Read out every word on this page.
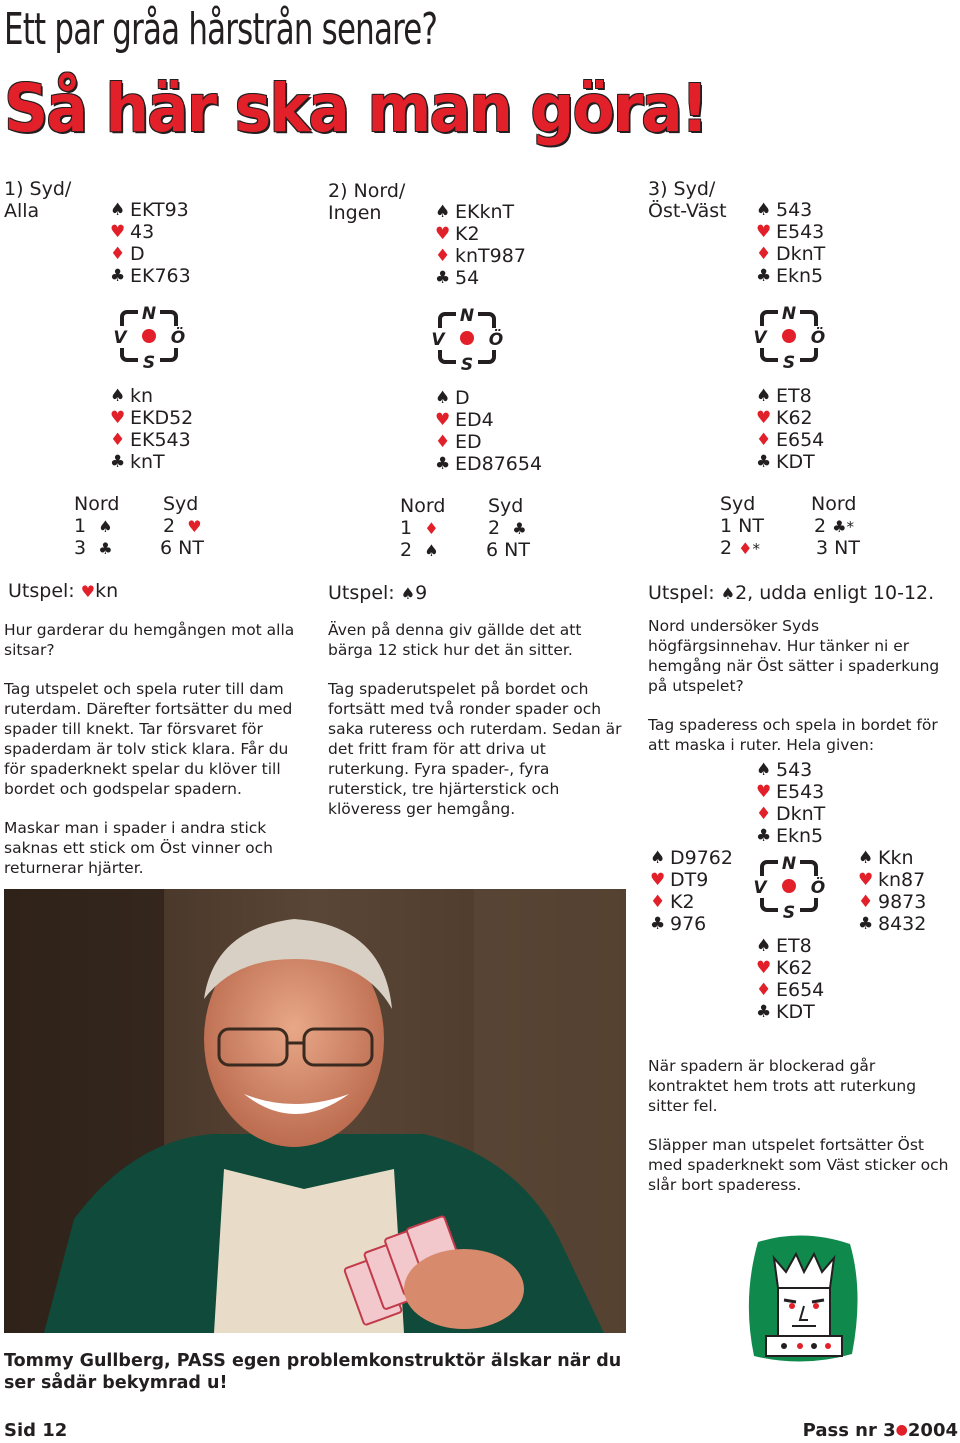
Ett par gråa hårstrån senare?
Så här ska man göra!
1) Syd/
Alla	♠ EKT93
♥ 43
♦ D
♣ EK763
N
S
V	Ö
♠ kn
♥ EKD52
♦ EK543
♣ knT
Nord Syd
1 ♠	2 ♥
3 ♣ 6 NT
Utspel: ♥kn

Hur garderar du hemgången mot alla sitsar?

Tag utspelet och spela ruter till dam ruterdam. Därefter fortsätter du med spader till knekt. Tar försvaret för spaderdam är tolv stick klara. Får du för spaderknekt spelar du klöver till bordet och godspelar spadern.

Maskar man i spader i andra stick saknas ett stick om Öst vinner och returnerar hjärter.

2) Nord/
Ingen	♠ EKknT
♥ K2
♦ knT987
♣ 54
N
S
V	Ö
♠ D
♥ ED4
♦ ED
♣ ED87654
Nord Syd
1 ♦	2 ♣
2 ♠ 6 NT
Utspel: ♠9

Även på denna giv gällde det att bärga 12 stick hur det än sitter.

Tag spaderutspelet på bordet och fortsätt med två ronder spader och saka ruteress och ruterdam. Sedan är det fritt fram för att driva ut ruterkung. Fyra spader-, fyra ruterstick, tre hjärterstick och klöveress ger hemgång.

3) Syd/
Öst-Väst ♠ 543
♥ E543
♦ DknT
♣ Ekn5
N
S
V	Ö
♠ ET8
♥ K62
♦ E654
♣ KDT
Syd	Nord
1 NT	2 ♣*
2 ♦*	3 NT
Utspel: ♠2, udda enligt 10-12.

Nord undersöker Syds högfärgsinnehav. Hur tänker ni er hemgång när Öst sätter i spaderkung på utspelet?

Tag spaderess och spela in bordet för att maska i ruter. Hela given:

♠ 543
♥ E543
♦ DknT
♣ Ekn5
♠ D9762
♥ DT9
♦ K2
♣ 976
N
S
V	Ö
♠ Kkn
♥ kn87
♦ 9873
♣ 8432
♠ ET8
♥ K62
♦ E654
♣ KDT

När spadern är blockerad går kontraktet hem trots att ruterkung sitter fel.

Släpper man utspelet fortsätter Öst med spaderknekt som Väst sticker och slår bort spaderess.

Tommy Gullberg, PASS egen problemkonstruktör älskar när du ser sådär bekymrad u!
Sid 12	Pass nr 3●2004
